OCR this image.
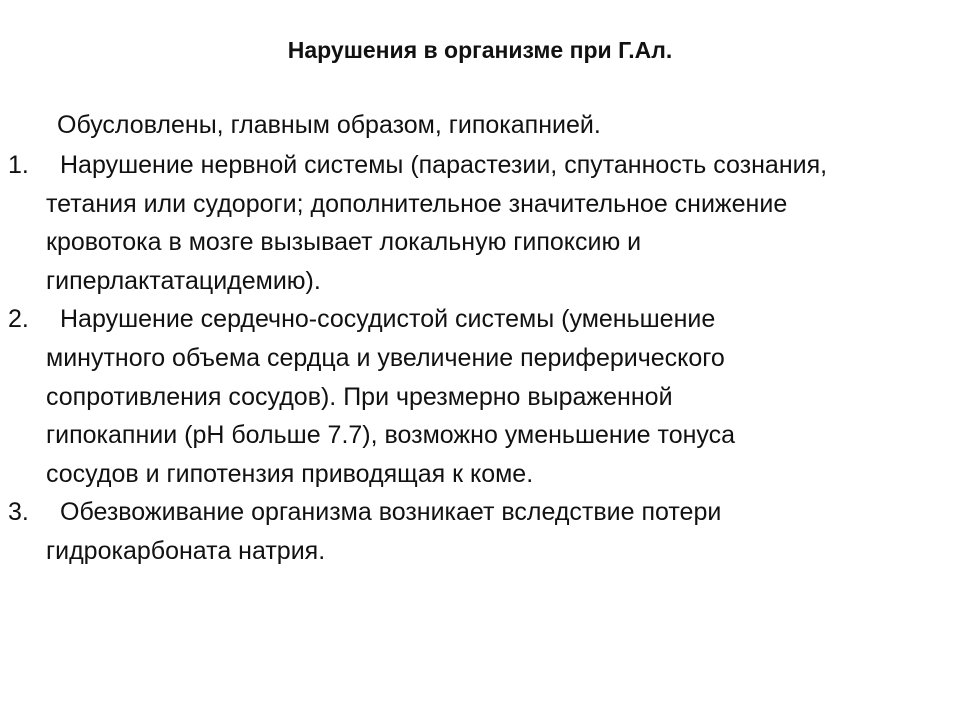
Нарушения в организме при Г.Ал.

Обусловлены, главным образом, гипокапнией.

1. Нарушение нервной системы (парастезии, спутанность сознания,
тетания или судороги; дополнительное значительное снижение
кровотока в мозге вызывает локальную гипоксию и
гиперлактатацидемию).
2. Нарушение сердечно-сосудистой системы (уменьшение
минутного объема сердца и увеличение периферического
сопротивления сосудов). При чрезмерно выраженной
гипокапнии (рН больше 7.7), возможно уменьшение тонуса
сосудов и гипотензия приводящая к коме.
3. Обезвоживание организма возникает вследствие потери
гидрокарбоната натрия.
